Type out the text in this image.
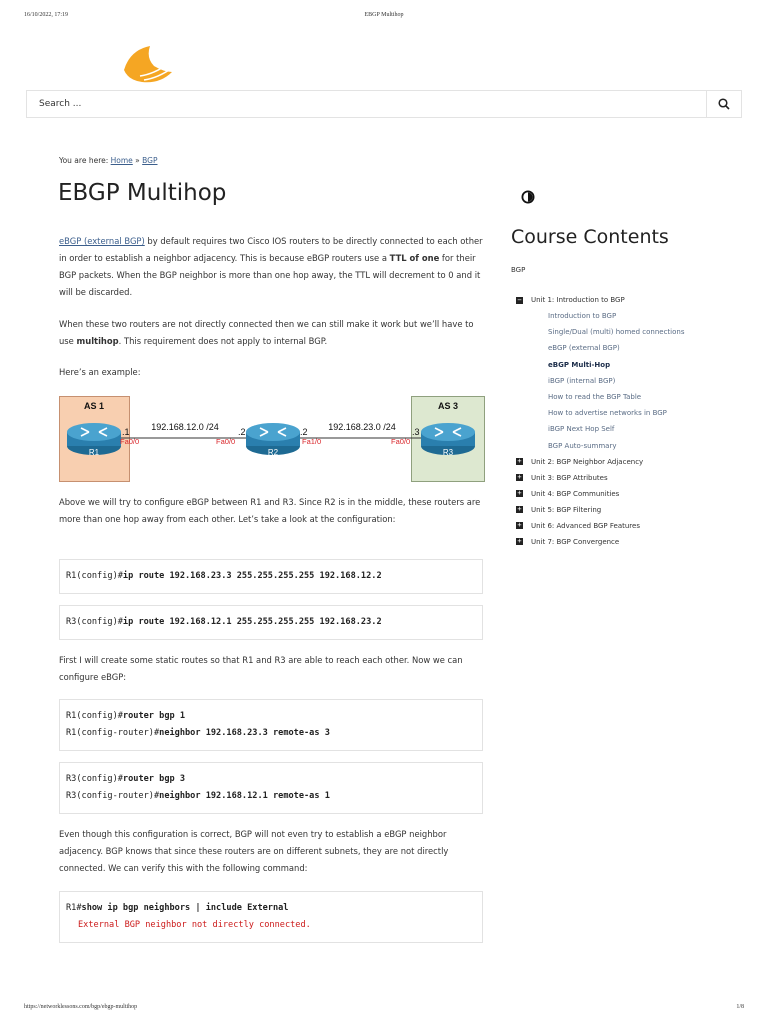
16/10/2022, 17:19	EBGP Multihop
Search ...
You are here: Home » BGP
EBGP Multihop

eBGP (external BGP) by default requires two Cisco IOS routers to be directly connected to each other in order to establish a neighbor adjacency. This is because eBGP routers use a TTL of one for their BGP packets. When the BGP neighbor is more than one hop away, the TTL will decrement to 0 and it will be discarded.

When these two routers are not directly connected then we can still make it work but we’ll have to use multihop. This requirement does not apply to internal BGP.

Here’s an example:

AS 1	AS 3
192.168.12.0 /24	192.168.23.0 /24
R1	R2	R3
.1	.2	.2	.3
Fa0/0	Fa0/0	Fa1/0	Fa0/0

Above we will try to configure eBGP between R1 and R3. Since R2 is in the middle, these routers are more than one hop away from each other. Let’s take a look at the configuration:

R1(config)#ip route 192.168.23.3 255.255.255.255 192.168.12.2
R3(config)#ip route 192.168.12.1 255.255.255.255 192.168.23.2

First I will create some static routes so that R1 and R3 are able to reach each other. Now we can configure eBGP:

R1(config)#router bgp 1
R1(config-router)#neighbor 192.168.23.3 remote-as 3
R3(config)#router bgp 3
R3(config-router)#neighbor 192.168.12.1 remote-as 1

Even though this configuration is correct, BGP will not even try to establish a eBGP neighbor adjacency. BGP knows that since these routers are on different subnets, they are not directly connected. We can verify this with the following command:

R1#show ip bgp neighbors | include External
External BGP neighbor not directly connected.
Course Contents
BGP
− Unit 1: Introduction to BGP
Introduction to BGP
Single/Dual (multi) homed connections
eBGP (external BGP)
eBGP Multi-Hop
iBGP (internal BGP)
How to read the BGP Table
How to advertise networks in BGP
iBGP Next Hop Self
BGP Auto-summary
+ Unit 2: BGP Neighbor Adjacency
+ Unit 3: BGP Attributes
+ Unit 4: BGP Communities
+ Unit 5: BGP Filtering
+ Unit 6: Advanced BGP Features
+ Unit 7: BGP Convergence
https://networklessons.com/bgp/ebgp-multihop	1/8
